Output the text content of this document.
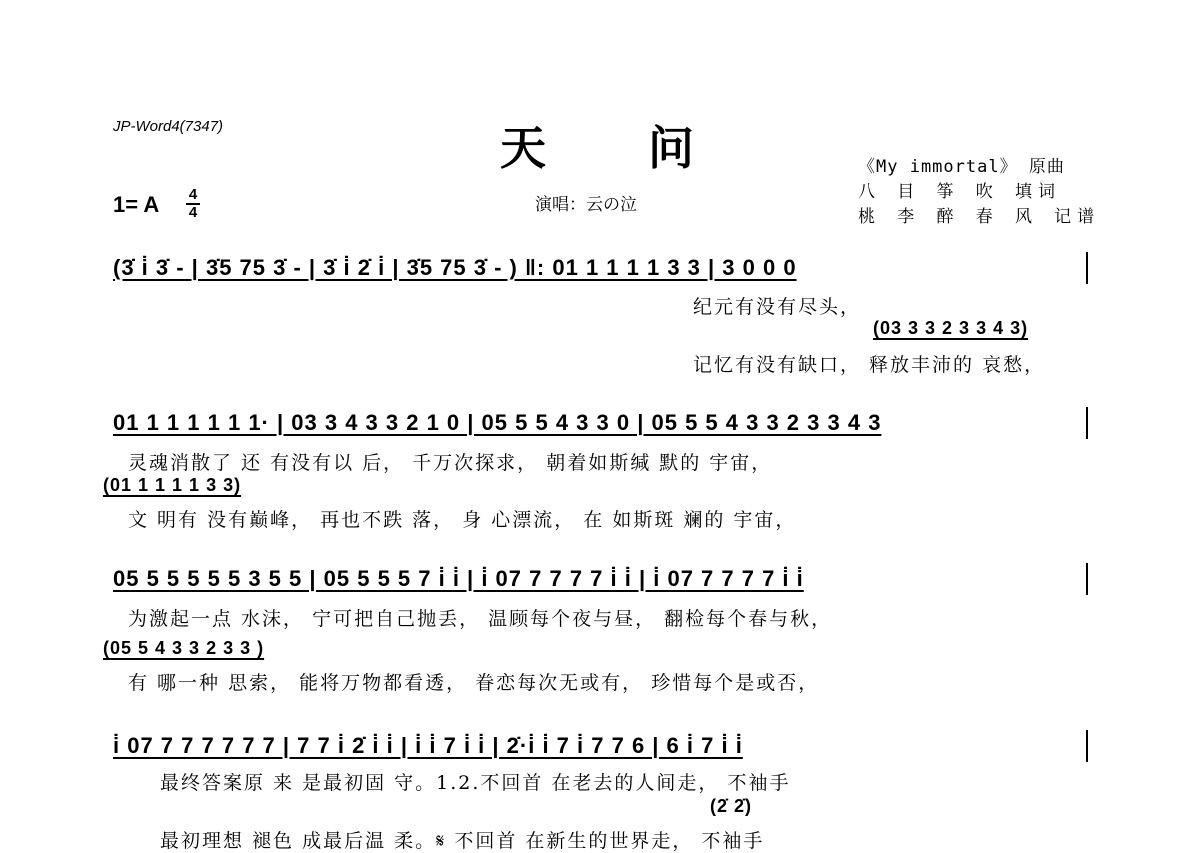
JP-Word4(7347)	天 问	《My immortal》 原曲
八 目 筝 吹 填词
桃 李 醉 春 风 记谱
1= A 4
4	演唱：云の泣
(3̇ i̇ 3̇ - | 3̇5 75 3̇ - | 3̇ i̇ 2̇ i̇ | 3̇5 75 3̇ - ) ‖: 01 1 1 1 1 3 3 | 3 0 0 0
纪元有没有尽头，
(03 3 3 2 3 3 4 3)
记忆有没有缺口， 释放丰沛的 哀愁，
01 1 1 1 1 1 1· | 03 3 4 3 3 2 1 0 | 05 5 5 4 3 3 0 | 05 5 5 4 3 3 2 3 3 4 3
灵魂消散了 还 有没有以 后， 千万次探求， 朝着如斯缄 默的 宇宙，
(01 1 1 1 1 3 3)
文 明有 没有巅峰， 再也不跌 落， 身 心漂流， 在 如斯斑 斓的 宇宙，
05 5 5 5 5 5 3 5 5 | 05 5 5 5 7 i̇ i̇ | i̇ 07 7 7 7 7 i̇ i̇ | i̇ 07 7 7 7 7 i̇ i̇
为激起一点 水沫， 宁可把自己抛丢， 温顾每个夜与昼， 翻检每个春与秋，
(05 5 4 3 3 2 3 3 )
有 哪一种 思索， 能将万物都看透， 眷恋每次无或有， 珍惜每个是或否，
i̇ 07 7 7 7 7 7 7 | 7 7 i̇ 2̇ i̇ i̇ | i̇ i̇ 7 i̇ i̇ | 2̇·i̇ i̇ 7 i̇ 7 7 6 | 6 i̇ 7 i̇ i̇
最终答案原 来 是最初固 守。1.2.不回首 在老去的人间走， 不袖手
(2̇ 2̇)
最初理想 褪色 成最后温 柔。𝄋 不回首 在新生的世界走， 不袖手
